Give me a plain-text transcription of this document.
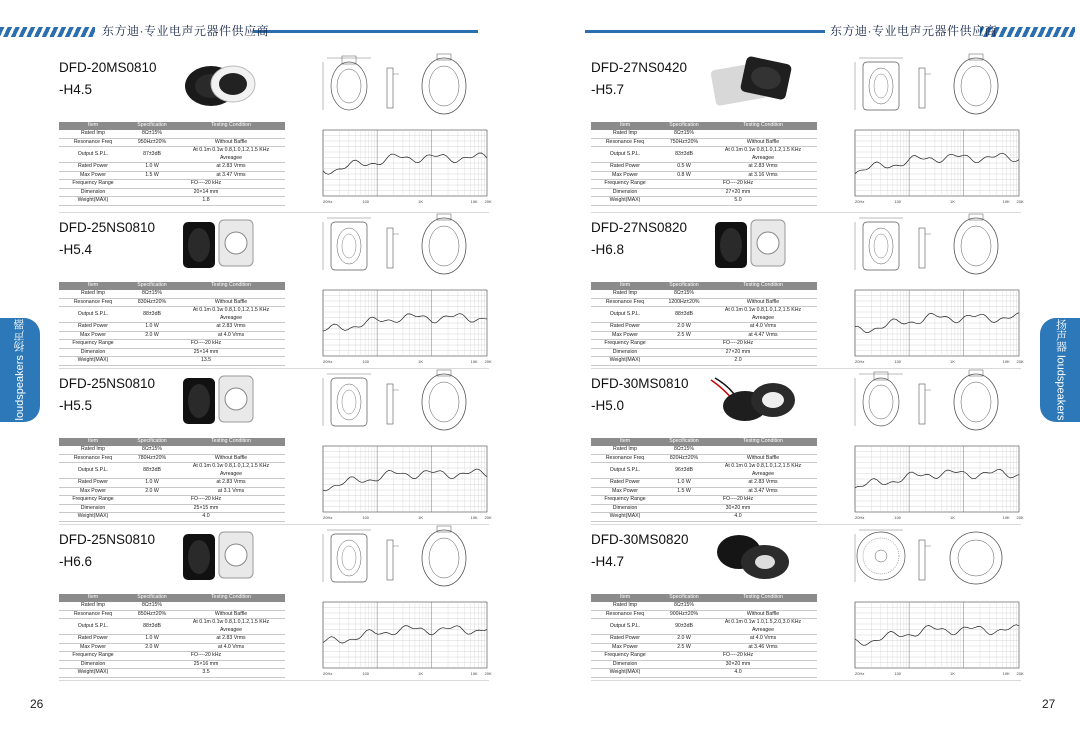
东方迪·专业电声元器件供应商	东方迪·专业电声元器件供应商
loudspeakers 扬声器	扬声器 loudspeakers
DFD-20MS0810
-H4.5
Item	Specification	Testing Condition
Rated Imp	8Ω±15%	
Resonance Freq	950Hz±20%	Without Baffle
Output S.P.L.	87±3dB	At 0.1m 0.1w 0.8,1.0,1.2,1.5 KHz
Avreagee
Rated Power	1.0 W	at 2.83 Vrms
Max Power	1.5 W	at 3.47 Vrms
Frequency Range	FO----20 kHz	
Dimension	20×14 mm	
Weight(MAX)	1.8		20Hz	100	1K	10K 20K
DFD-27NS0420
-H5.7
Item	Specification	Testing Condition
Rated Imp	8Ω±15%	
Resonance Freq	750Hz±20%	Without Baffle
Output S.P.L.	83±3dB	At 0.1m 0.1w 0.8,1.0,1.2,1.5 KHz
Avreagee
Rated Power	0.5 W	at 2.83 Vrms
Max Power	0.8 W	at 3.16 Vrms
Frequency Range	FO----20 kHz	
Dimension	27×20 mm	
Weight(MAX)	5.0		20Hz	100	1K	10K 20K
DFD-25NS0810
-H5.4
Item	Specification	Testing Condition
Rated Imp	8Ω±15%	
Resonance Freq	830Hz±20%	Without Baffle
Output S.P.L.	88±3dB	At 0.1m 0.1w 0.8,1.0,1.2,1.5 KHz
Avreagee
Rated Power	1.0 W	at 2.83 Vrms
Max Power	2.0 W	at 4.0 Vrms
Frequency Range	FO----20 kHz	
Dimension	25×14 mm	
Weight(MAX)	13.5		20Hz	100	1K	10K 20K
DFD-27NS0820
-H6.8
Item	Specification	Testing Condition
Rated Imp	8Ω±15%	
Resonance Freq	1200Hz±20%	Without Baffle
Output S.P.L.	88±3dB	At 0.1m 0.1w 0.8,1.0,1.2,1.5 KHz
Avreagee
Rated Power	2.0 W	at 4.0 Vrms
Max Power	2.5 W	at 4.47 Vrms
Frequency Range	FO----20 kHz	
Dimension	27×20 mm	
Weight(MAX)	2.0		20Hz	100	1K	10K 20K
DFD-25NS0810
-H5.5
Item	Specification	Testing Condition
Rated Imp	8Ω±15%	
Resonance Freq	780Hz±20%	Without Baffle
Output S.P.L.	88±3dB	At 0.1m 0.1w 0.8,1.0,1.2,1.5 KHz
Avreagee
Rated Power	1.0 W	at 2.83 Vrms
Max Power	2.0 W	at 3.1 Vrms
Frequency Range	FO----20 kHz	
Dimension	25×15 mm	
Weight(MAX)	4.0		20Hz	100	1K	10K 20K
DFD-30MS0810
-H5.0
Item	Specification	Testing Condition
Rated Imp	8Ω±15%	
Resonance Freq	820Hz±20%	Without Baffle
Output S.P.L.	96±3dB	At 0.1m 0.1w 0.8,1.0,1.2,1.5 KHz
Avreagee
Rated Power	1.0 W	at 2.83 Vrms
Max Power	1.5 W	at 3.47 Vrms
Frequency Range	FO----20 kHz	
Dimension	30×20 mm	
Weight(MAX)	4.0		20Hz	100	1K	10K 20K
DFD-25NS0810
-H6.6
Item	Specification	Testing Condition
Rated Imp	8Ω±15%	
Resonance Freq	850Hz±20%	Without Baffle
Output S.P.L.	88±3dB	At 0.1m 0.1w 0.8,1.0,1.2,1.5 KHz
Avreagee
Rated Power	1.0 W	at 2.83 Vrms
Max Power	2.0 W	at 4.0 Vrms
Frequency Range	FO----20 kHz	
Dimension	25×16 mm	
Weight(MAX)	3.5		20Hz	100	1K	10K 20K
DFD-30MS0820
-H4.7
Item	Specification	Testing Condition
Rated Imp	8Ω±15%	
Resonance Freq	900Hz±20%	Without Baffle
Output S.P.L.	90±3dB	At 0.1m 0.1w 1.0,1.5,2.0,3.0 KHz
Avreagee
Rated Power	2.0 W	at 4.0 Vrms
Max Power	2.5 W	at 3.46 Vrms
Frequency Range	FO----20 kHz	
Dimension	30×20 mm	
Weight(MAX)	4.0		20Hz	100	1K	10K 20K
26	27
